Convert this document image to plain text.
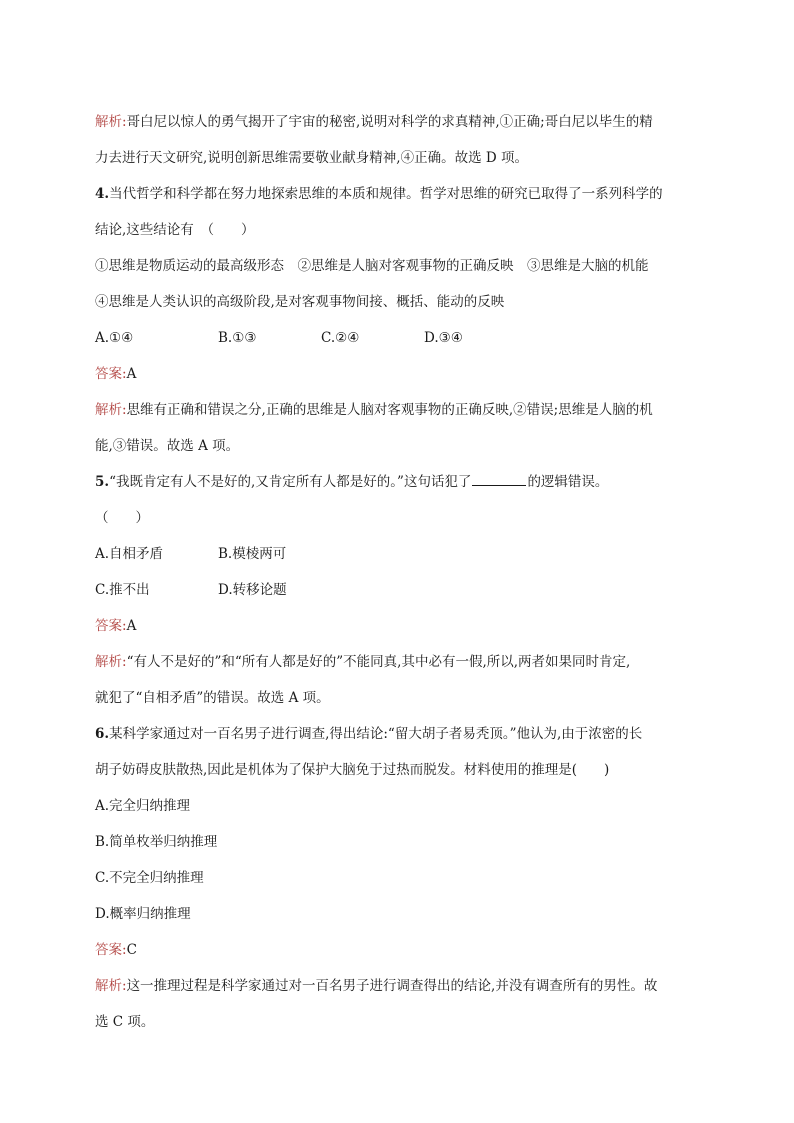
解析:哥白尼以惊人的勇气揭开了宇宙的秘密,说明对科学的求真精神,①正确;哥白尼以毕生的精
力去进行天文研究,说明创新思维需要敬业献身精神,④正确。故选 D 项。
4.当代哲学和科学都在努力地探索思维的本质和规律。哲学对思维的研究已取得了一系列科学的
结论,这些结论有　（　　）
①思维是物质运动的最高级形态　②思维是人脑对客观事物的正确反映　③思维是大脑的机能
④思维是人类认识的高级阶段,是对客观事物间接、概括、能动的反映
A.①④	B.①③	C.②④	D.③④
答案:A
解析:思维有正确和错误之分,正确的思维是人脑对客观事物的正确反映,②错误;思维是人脑的机
能,③错误。故选 A 项。
5.“我既肯定有人不是好的,又肯定所有人都是好的。”这句话犯了	的逻辑错误。
（　　）
A.自相矛盾	B.模棱两可
C.推不出	D.转移论题
答案:A
解析:“有人不是好的”和“所有人都是好的”不能同真,其中必有一假,所以,两者如果同时肯定,
就犯了“自相矛盾”的错误。故选 A 项。
6.某科学家通过对一百名男子进行调查,得出结论:“留大胡子者易秃顶。”他认为,由于浓密的长
胡子妨碍皮肤散热,因此是机体为了保护大脑免于过热而脱发。材料使用的推理是(　　)
A.完全归纳推理
B.简单枚举归纳推理
C.不完全归纳推理
D.概率归纳推理
答案:C
解析:这一推理过程是科学家通过对一百名男子进行调查得出的结论,并没有调查所有的男性。故
选 C 项。
